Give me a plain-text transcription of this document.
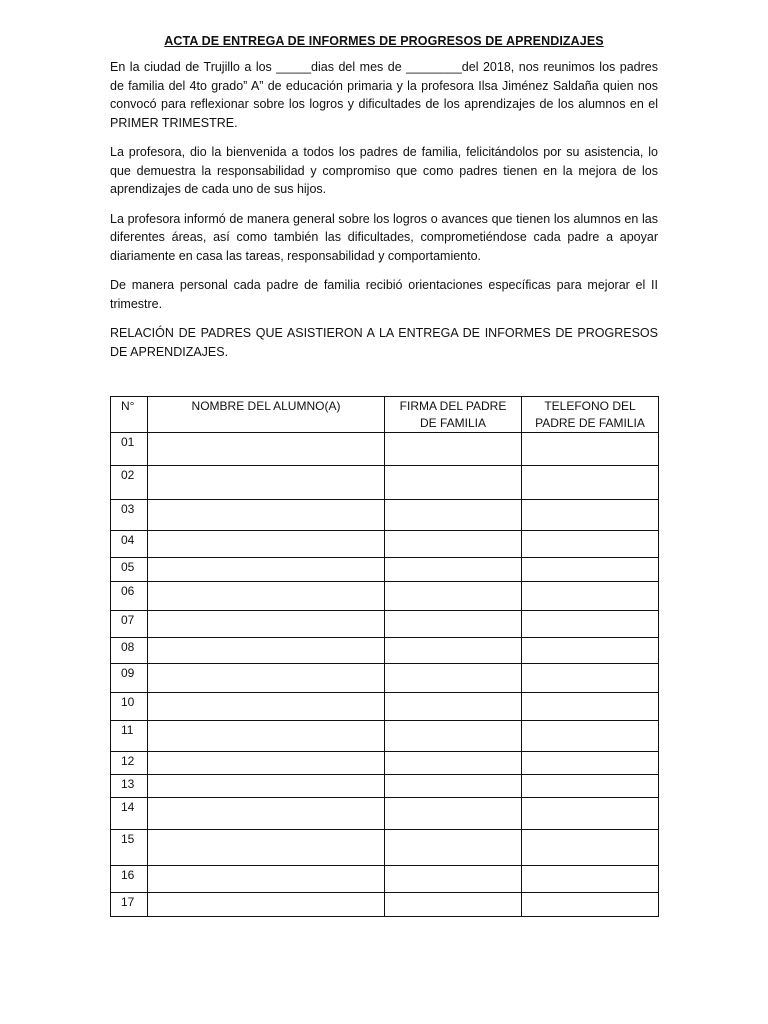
ACTA DE ENTREGA DE INFORMES DE PROGRESOS DE APRENDIZAJES

En la ciudad de Trujillo a los _____dias del mes de ________del 2018, nos reunimos los padres de familia del 4to grado” A” de educación primaria y la profesora Ilsa Jiménez Saldaña quien nos convocó para reflexionar sobre los logros y dificultades de los aprendizajes de los alumnos en el PRIMER TRIMESTRE.

La profesora, dio la bienvenida a todos los padres de familia, felicitándolos por su asistencia, lo que demuestra la responsabilidad y compromiso que como padres tienen en la mejora de los aprendizajes de cada uno de sus hijos.

La profesora informó de manera general sobre los logros o avances que tienen los alumnos en las diferentes áreas, así como también las dificultades, comprometiéndose cada padre a apoyar diariamente en casa las tareas, responsabilidad y comportamiento.

De manera personal cada padre de familia recibió orientaciones específicas para mejorar el II trimestre.

RELACIÓN DE PADRES QUE ASISTIERON A LA ENTREGA DE INFORMES DE PROGRESOS DE APRENDIZAJES.

N°	NOMBRE DEL ALUMNO(A)	FIRMA DEL PADRE DE FAMILIA	TELEFONO DEL PADRE DE FAMILIA
01			
02			
03			
04			
05			
06			
07			
08			
09			
10			
11			
12			
13			
14			
15			
16			
17			
